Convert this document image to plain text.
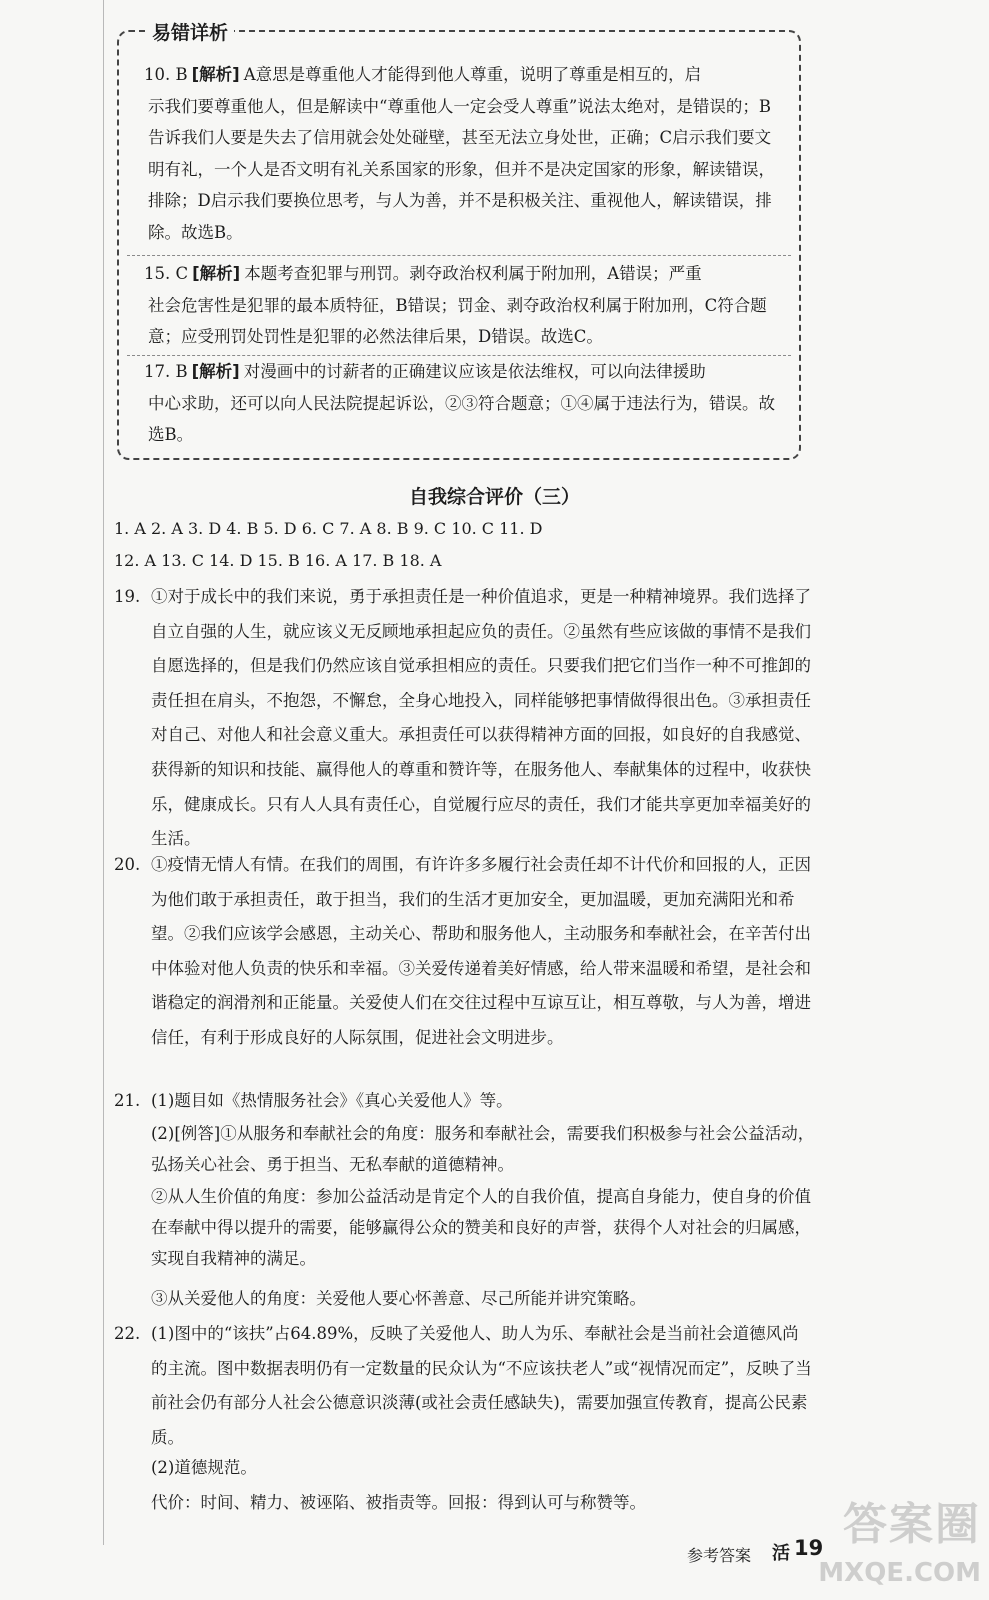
易错详析
10. B [解析] A意思是尊重他人才能得到他人尊重，说明了尊重是相互的，启
示我们要尊重他人，但是解读中“尊重他人一定会受人尊重”说法太绝对，是错误的；B告诉我们人要是失去了信用就会处处碰壁，甚至无法立身处世，正确；C启示我们要文明有礼，一个人是否文明有礼关系国家的形象，但并不是决定国家的形象，解读错误，排除；D启示我们要换位思考，与人为善，并不是积极关注、重视他人，解读错误，排除。故选B。
15. C [解析] 本题考查犯罪与刑罚。剥夺政治权利属于附加刑，A错误；严重
社会危害性是犯罪的最本质特征，B错误；罚金、剥夺政治权利属于附加刑，C符合题意；应受刑罚处罚性是犯罪的必然法律后果，D错误。故选C。
17. B [解析] 对漫画中的讨薪者的正确建议应该是依法维权，可以向法律援助
中心求助，还可以向人民法院提起诉讼，②③符合题意；①④属于违法行为，错误。故选B。
自我综合评价（三）
1. A 2. A 3. D 4. B 5. D 6. C 7. A 8. B 9. C 10. C 11. D
12. A 13. C 14. D 15. B 16. A 17. B 18. A
19. ①对于成长中的我们来说，勇于承担责任是一种价值追求，更是一种精神境界。我们选择了自立自强的人生，就应该义无反顾地承担起应负的责任。②虽然有些应该做的事情不是我们自愿选择的，但是我们仍然应该自觉承担相应的责任。只要我们把它们当作一种不可推卸的责任担在肩头，不抱怨，不懈怠，全身心地投入，同样能够把事情做得很出色。③承担责任对自己、对他人和社会意义重大。承担责任可以获得精神方面的回报，如良好的自我感觉、获得新的知识和技能、赢得他人的尊重和赞许等，在服务他人、奉献集体的过程中，收获快乐，健康成长。只有人人具有责任心，自觉履行应尽的责任，我们才能共享更加幸福美好的生活。
20. ①疫情无情人有情。在我们的周围，有许许多多履行社会责任却不计代价和回报的人，正因为他们敢于承担责任，敢于担当，我们的生活才更加安全，更加温暖，更加充满阳光和希望。②我们应该学会感恩，主动关心、帮助和服务他人，主动服务和奉献社会，在辛苦付出中体验对他人负责的快乐和幸福。③关爱传递着美好情感，给人带来温暖和希望，是社会和谐稳定的润滑剂和正能量。关爱使人们在交往过程中互谅互让，相互尊敬，与人为善，增进信任，有利于形成良好的人际氛围，促进社会文明进步。
21. (1)题目如《热情服务社会》《真心关爱他人》等。
(2)[例答]①从服务和奉献社会的角度：服务和奉献社会，需要我们积极参与社会公益活动，弘扬关心社会、勇于担当、无私奉献的道德精神。
②从人生价值的角度：参加公益活动是肯定个人的自我价值，提高自身能力，使自身的价值在奉献中得以提升的需要，能够赢得公众的赞美和良好的声誉，获得个人对社会的归属感，实现自我精神的满足。
③从关爱他人的角度：关爱他人要心怀善意、尽己所能并讲究策略。
22. (1)图中的“该扶”占64.89%，反映了关爱他人、助人为乐、奉献社会是当前社会道德风尚的主流。图中数据表明仍有一定数量的民众认为“不应该扶老人”或“视情况而定”，反映了当前社会仍有部分人社会公德意识淡薄(或社会责任感缺失)，需要加强宣传教育，提高公民素质。
(2)道德规范。
代价：时间、精力、被诬陷、被指责等。回报：得到认可与称赞等。
参考答案 活 19 答案圈
MXQE.COM
